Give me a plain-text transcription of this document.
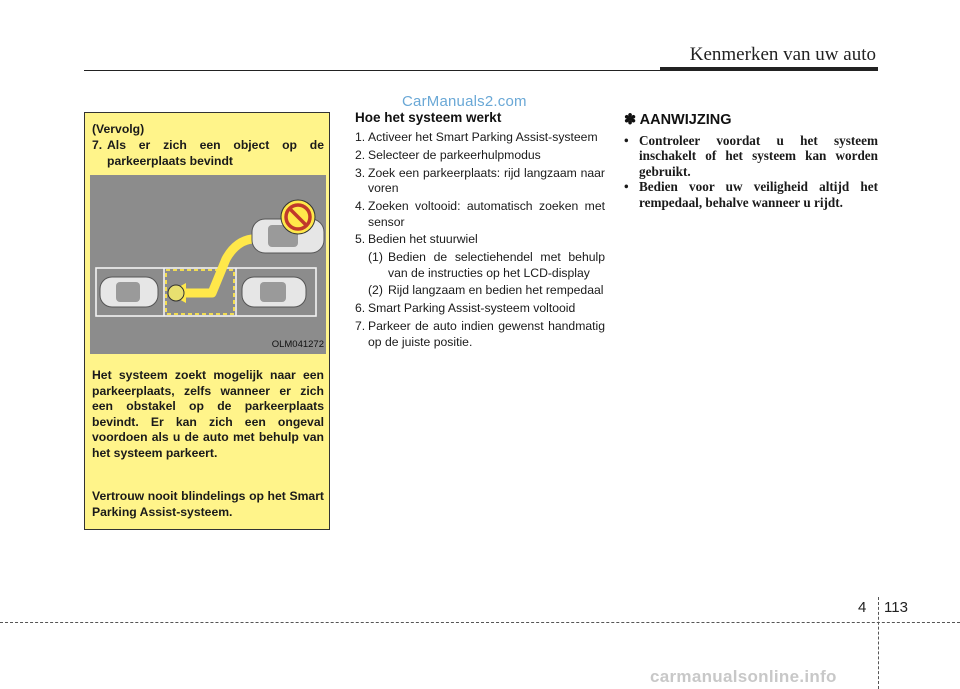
Kenmerken van uw auto
CarManuals2.com
(Vervolg)
7. Als er zich een object op de parkeerplaats bevindt
Het systeem zoekt mogelijk naar een parkeerplaats, zelfs wanneer er zich een obstakel op de parkeerplaats bevindt. Er kan zich een ongeval voordoen als u de auto met behulp van het systeem parkeert.
Vertrouw nooit blindelings op het Smart Parking Assist-systeem.
OLM041272
Hoe het systeem werkt
1. Activeer het Smart Parking Assist-systeem
2. Selecteer de parkeerhulpmodus
3. Zoek een parkeerplaats: rijd langzaam naar voren
4. Zoeken voltooid: automatisch zoeken met sensor
5. Bedien het stuurwiel
(1) Bedien de selectiehendel met behulp van de instructies op het LCD-display
(2) Rijd langzaam en bedien het rempedaal
6. Smart Parking Assist-systeem voltooid
7. Parkeer de auto indien gewenst handmatig op de juiste positie.
✽ AANWIJZING
• Controleer voordat u het systeem inschakelt of het systeem kan worden gebruikt.
• Bedien voor uw veiligheid altijd het rempedaal, behalve wanneer u rijdt.
4 113
carmanualsonline.info
